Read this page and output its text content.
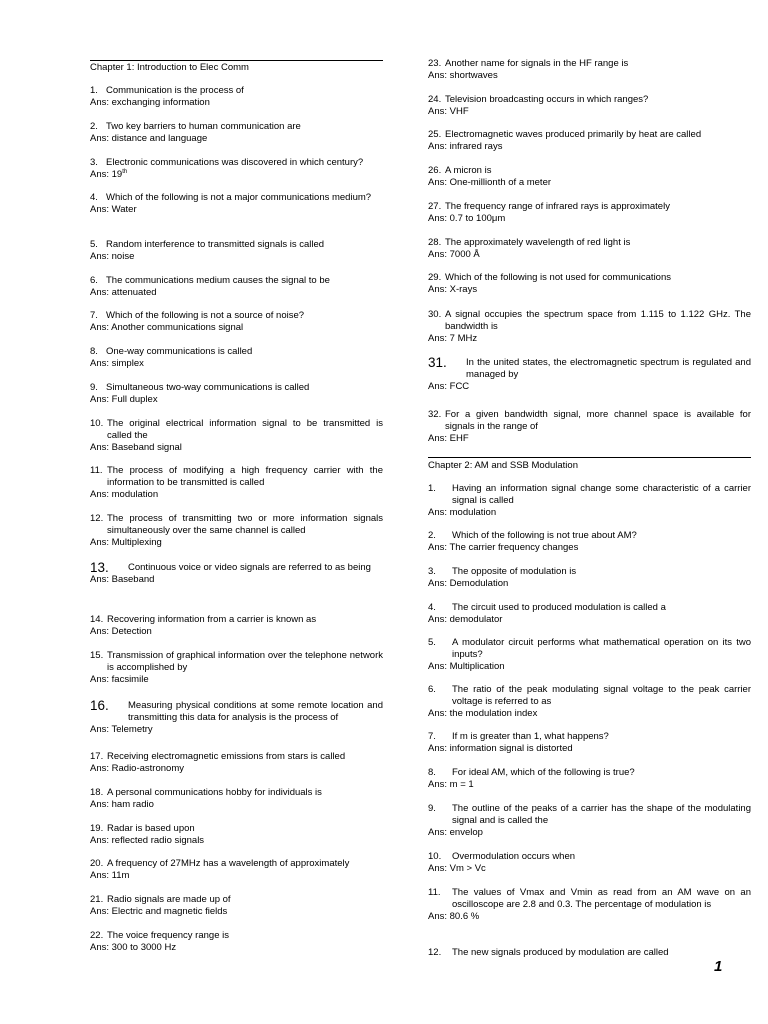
Chapter 1: Introduction to Elec Comm
1. Communication is the process of
Ans: exchanging information
2. Two key barriers to human communication are
Ans: distance and language
3. Electronic communications was discovered in which century?
Ans: 19th
4. Which of the following is not a major communications medium?
Ans: Water
5. Random interference to transmitted signals is called
Ans: noise
6. The communications medium causes the signal to be
Ans: attenuated
7. Which of the following is not a source of noise?
Ans: Another communications signal
8. One-way communications is called
Ans: simplex
9. Simultaneous two-way communications is called
Ans: Full duplex
10. The original electrical information signal to be transmitted is called the
Ans: Baseband signal
11. The process of modifying a high frequency carrier with the information to be transmitted is called
Ans: modulation
12. The process of transmitting two or more information signals simultaneously over the same channel is called
Ans: Multiplexing
13.	Continuous voice or video signals are referred to as being
Ans: Baseband
14. Recovering information from a carrier is known as
Ans: Detection
15. Transmission of graphical information over the telephone network is accomplished by
Ans: facsimile
16.	Measuring physical conditions at some remote location and transmitting this data for analysis is the process of
Ans: Telemetry
17. Receiving electromagnetic emissions from stars is called
Ans: Radio-astronomy
18. A personal communications hobby for individuals is
Ans: ham radio
19. Radar is based upon
Ans: reflected radio signals
20. A frequency of 27MHz has a wavelength of approximately
Ans: 11m
21. Radio signals are made up of
Ans: Electric and magnetic fields
22. The voice frequency range is
Ans: 300 to 3000 Hz
23. Another name for signals in the HF range is
Ans: shortwaves
24. Television broadcasting occurs in which ranges?
Ans: VHF
25. Electromagnetic waves produced primarily by heat are called
Ans: infrared rays
26. A micron is
Ans: One-millionth of a meter
27. The frequency range of infrared rays is approximately
Ans: 0.7 to 100μm
28. The approximately wavelength of red light is
Ans: 7000 Å
29. Which of the following is not used for communications
Ans: X-rays
30. A signal occupies the spectrum space from 1.115 to 1.122 GHz. The bandwidth is
Ans: 7 MHz
31.	In the united states, the electromagnetic spectrum is regulated and managed by
Ans: FCC
32. For a given bandwidth signal, more channel space is available for signals in the range of
Ans: EHF
Chapter 2: AM and SSB Modulation
1.	Having an information signal change some characteristic of a carrier signal is called
Ans: modulation
2.	Which of the following is not true about AM?
Ans: The carrier frequency changes
3.	The opposite of modulation is
Ans: Demodulation
4.	The circuit used to produced modulation is called a
Ans: demodulator
5.	A modulator circuit performs what mathematical operation on its two inputs?
Ans: Multiplication
6.	The ratio of the peak modulating signal voltage to the peak carrier voltage is referred to as
Ans: the modulation index
7.	If m is greater than 1, what happens?
Ans: information signal is distorted
8.	For ideal AM, which of the following is true?
Ans: m = 1
9.	The outline of the peaks of a carrier has the shape of the modulating signal and is called the
Ans: envelop
10.	Overmodulation occurs when
Ans: Vm > Vc
11.	The values of Vmax and Vmin as read from an AM wave on an oscilloscope are 2.8 and 0.3. The percentage of modulation is
Ans: 80.6 %
12.	The new signals produced by modulation are called
1
